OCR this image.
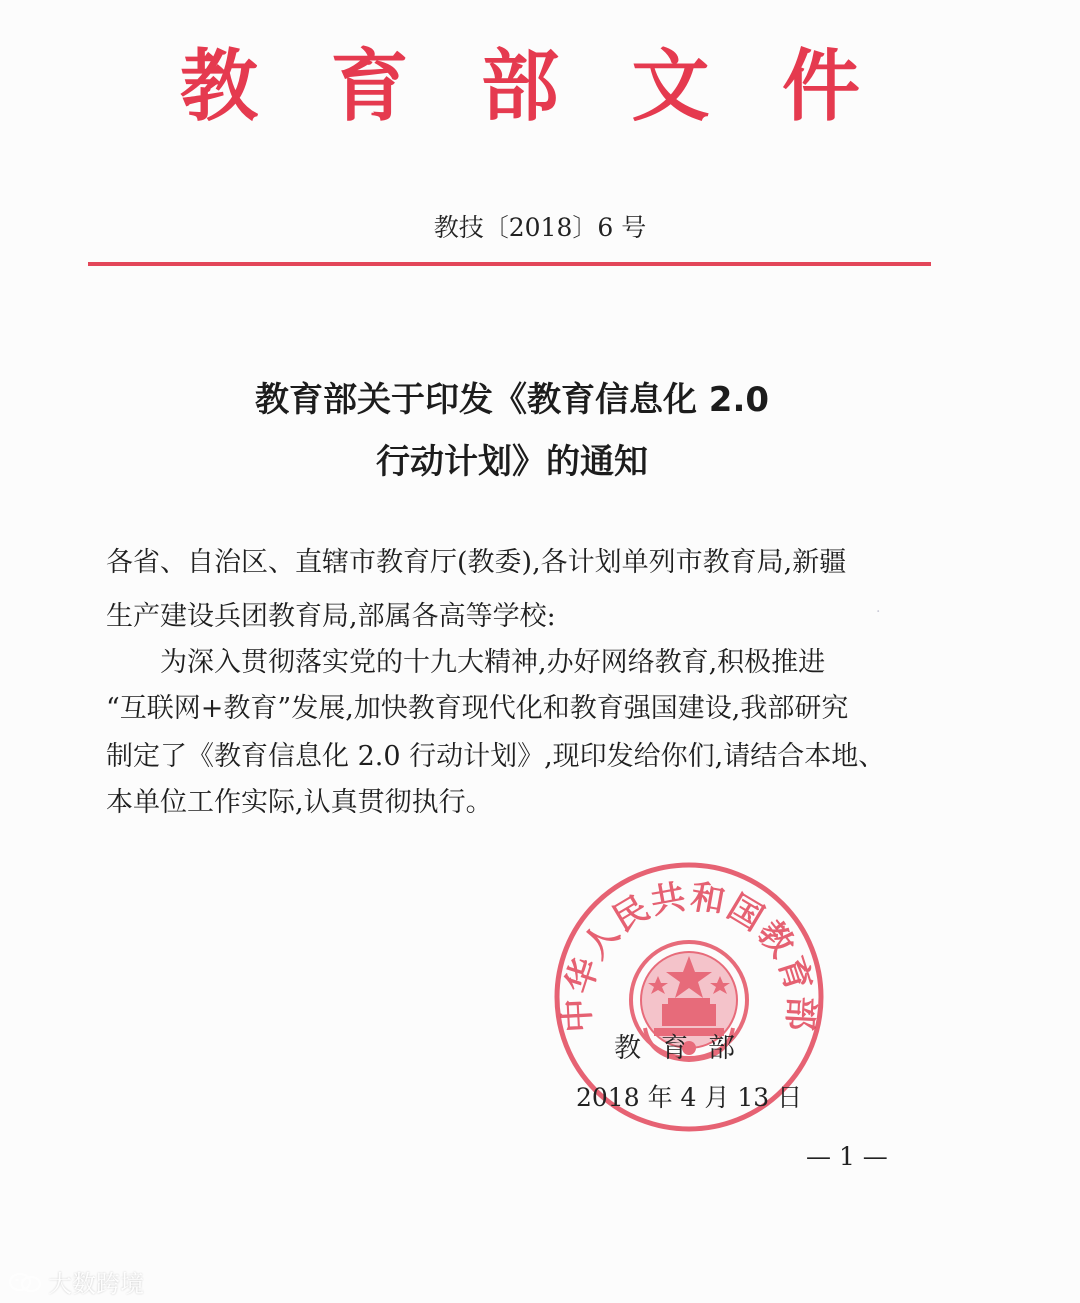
教 育 部 文 件
教技〔2018〕6 号
教育部关于印发《教育信息化 2.0
行动计划》的通知
各省、自治区、直辖市教育厅(教委),各计划单列市教育局,新疆
生产建设兵团教育局,部属各高等学校:
　　为深入贯彻落实党的十九大精神,办好网络教育,积极推进
“互联网+教育”发展,加快教育现代化和教育强国建设,我部研究
制定了《教育信息化 2.0 行动计划》,现印发给你们,请结合本地、
本单位工作实际,认真贯彻执行。
·
中华人民共和国教育部
教育部
2018 年 4 月 13 日
— 1 —
大数跨境
